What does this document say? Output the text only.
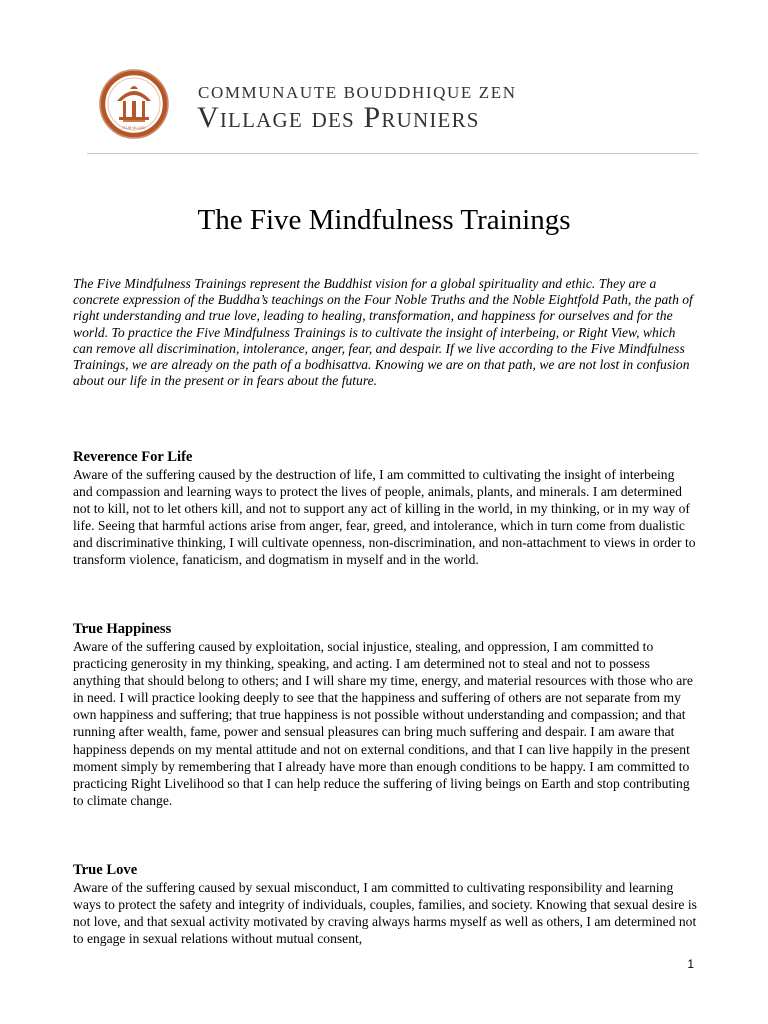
PLUM VILLAGE
COMMUNAUTE BOUDDHIQUE ZEN
Village des Pruniers
The Five Mindfulness Trainings

The Five Mindfulness Trainings represent the Buddhist vision for a global spirituality and ethic. They are a concrete expression of the Buddha’s teachings on the Four Noble Truths and the Noble Eightfold Path, the path of right understanding and true love, leading to healing, transformation, and happiness for ourselves and for the world. To practice the Five Mindfulness Trainings is to cultivate the insight of interbeing, or Right View, which can remove all discrimination, intolerance, anger, fear, and despair. If we live according to the Five Mindfulness Trainings, we are already on the path of a bodhisattva. Knowing we are on that path, we are not lost in confusion about our life in the present or in fears about the future.

Reverence For Life

Aware of the suffering caused by the destruction of life, I am committed to cultivating the insight of interbeing and compassion and learning ways to protect the lives of people, animals, plants, and minerals. I am determined not to kill, not to let others kill, and not to support any act of killing in the world, in my thinking, or in my way of life. Seeing that harmful actions arise from anger, fear, greed, and intolerance, which in turn come from dualistic and discriminative thinking, I will cultivate openness, non-discrimination, and non-attachment to views in order to transform violence, fanaticism, and dogmatism in myself and in the world.

True Happiness

Aware of the suffering caused by exploitation, social injustice, stealing, and oppression, I am committed to practicing generosity in my thinking, speaking, and acting. I am determined not to steal and not to possess anything that should belong to others; and I will share my time, energy, and material resources with those who are in need. I will practice looking deeply to see that the happiness and suffering of others are not separate from my own happiness and suffering; that true happiness is not possible without understanding and compassion; and that running after wealth, fame, power and sensual pleasures can bring much suffering and despair. I am aware that happiness depends on my mental attitude and not on external conditions, and that I can live happily in the present moment simply by remembering that I already have more than enough conditions to be happy. I am committed to practicing Right Livelihood so that I can help reduce the suffering of living beings on Earth and stop contributing to climate change.

True Love

Aware of the suffering caused by sexual misconduct, I am committed to cultivating responsibility and learning ways to protect the safety and integrity of individuals, couples, families, and society. Knowing that sexual desire is not love, and that sexual activity motivated by craving always harms myself as well as others, I am determined not to engage in sexual relations without mutual consent,

1
